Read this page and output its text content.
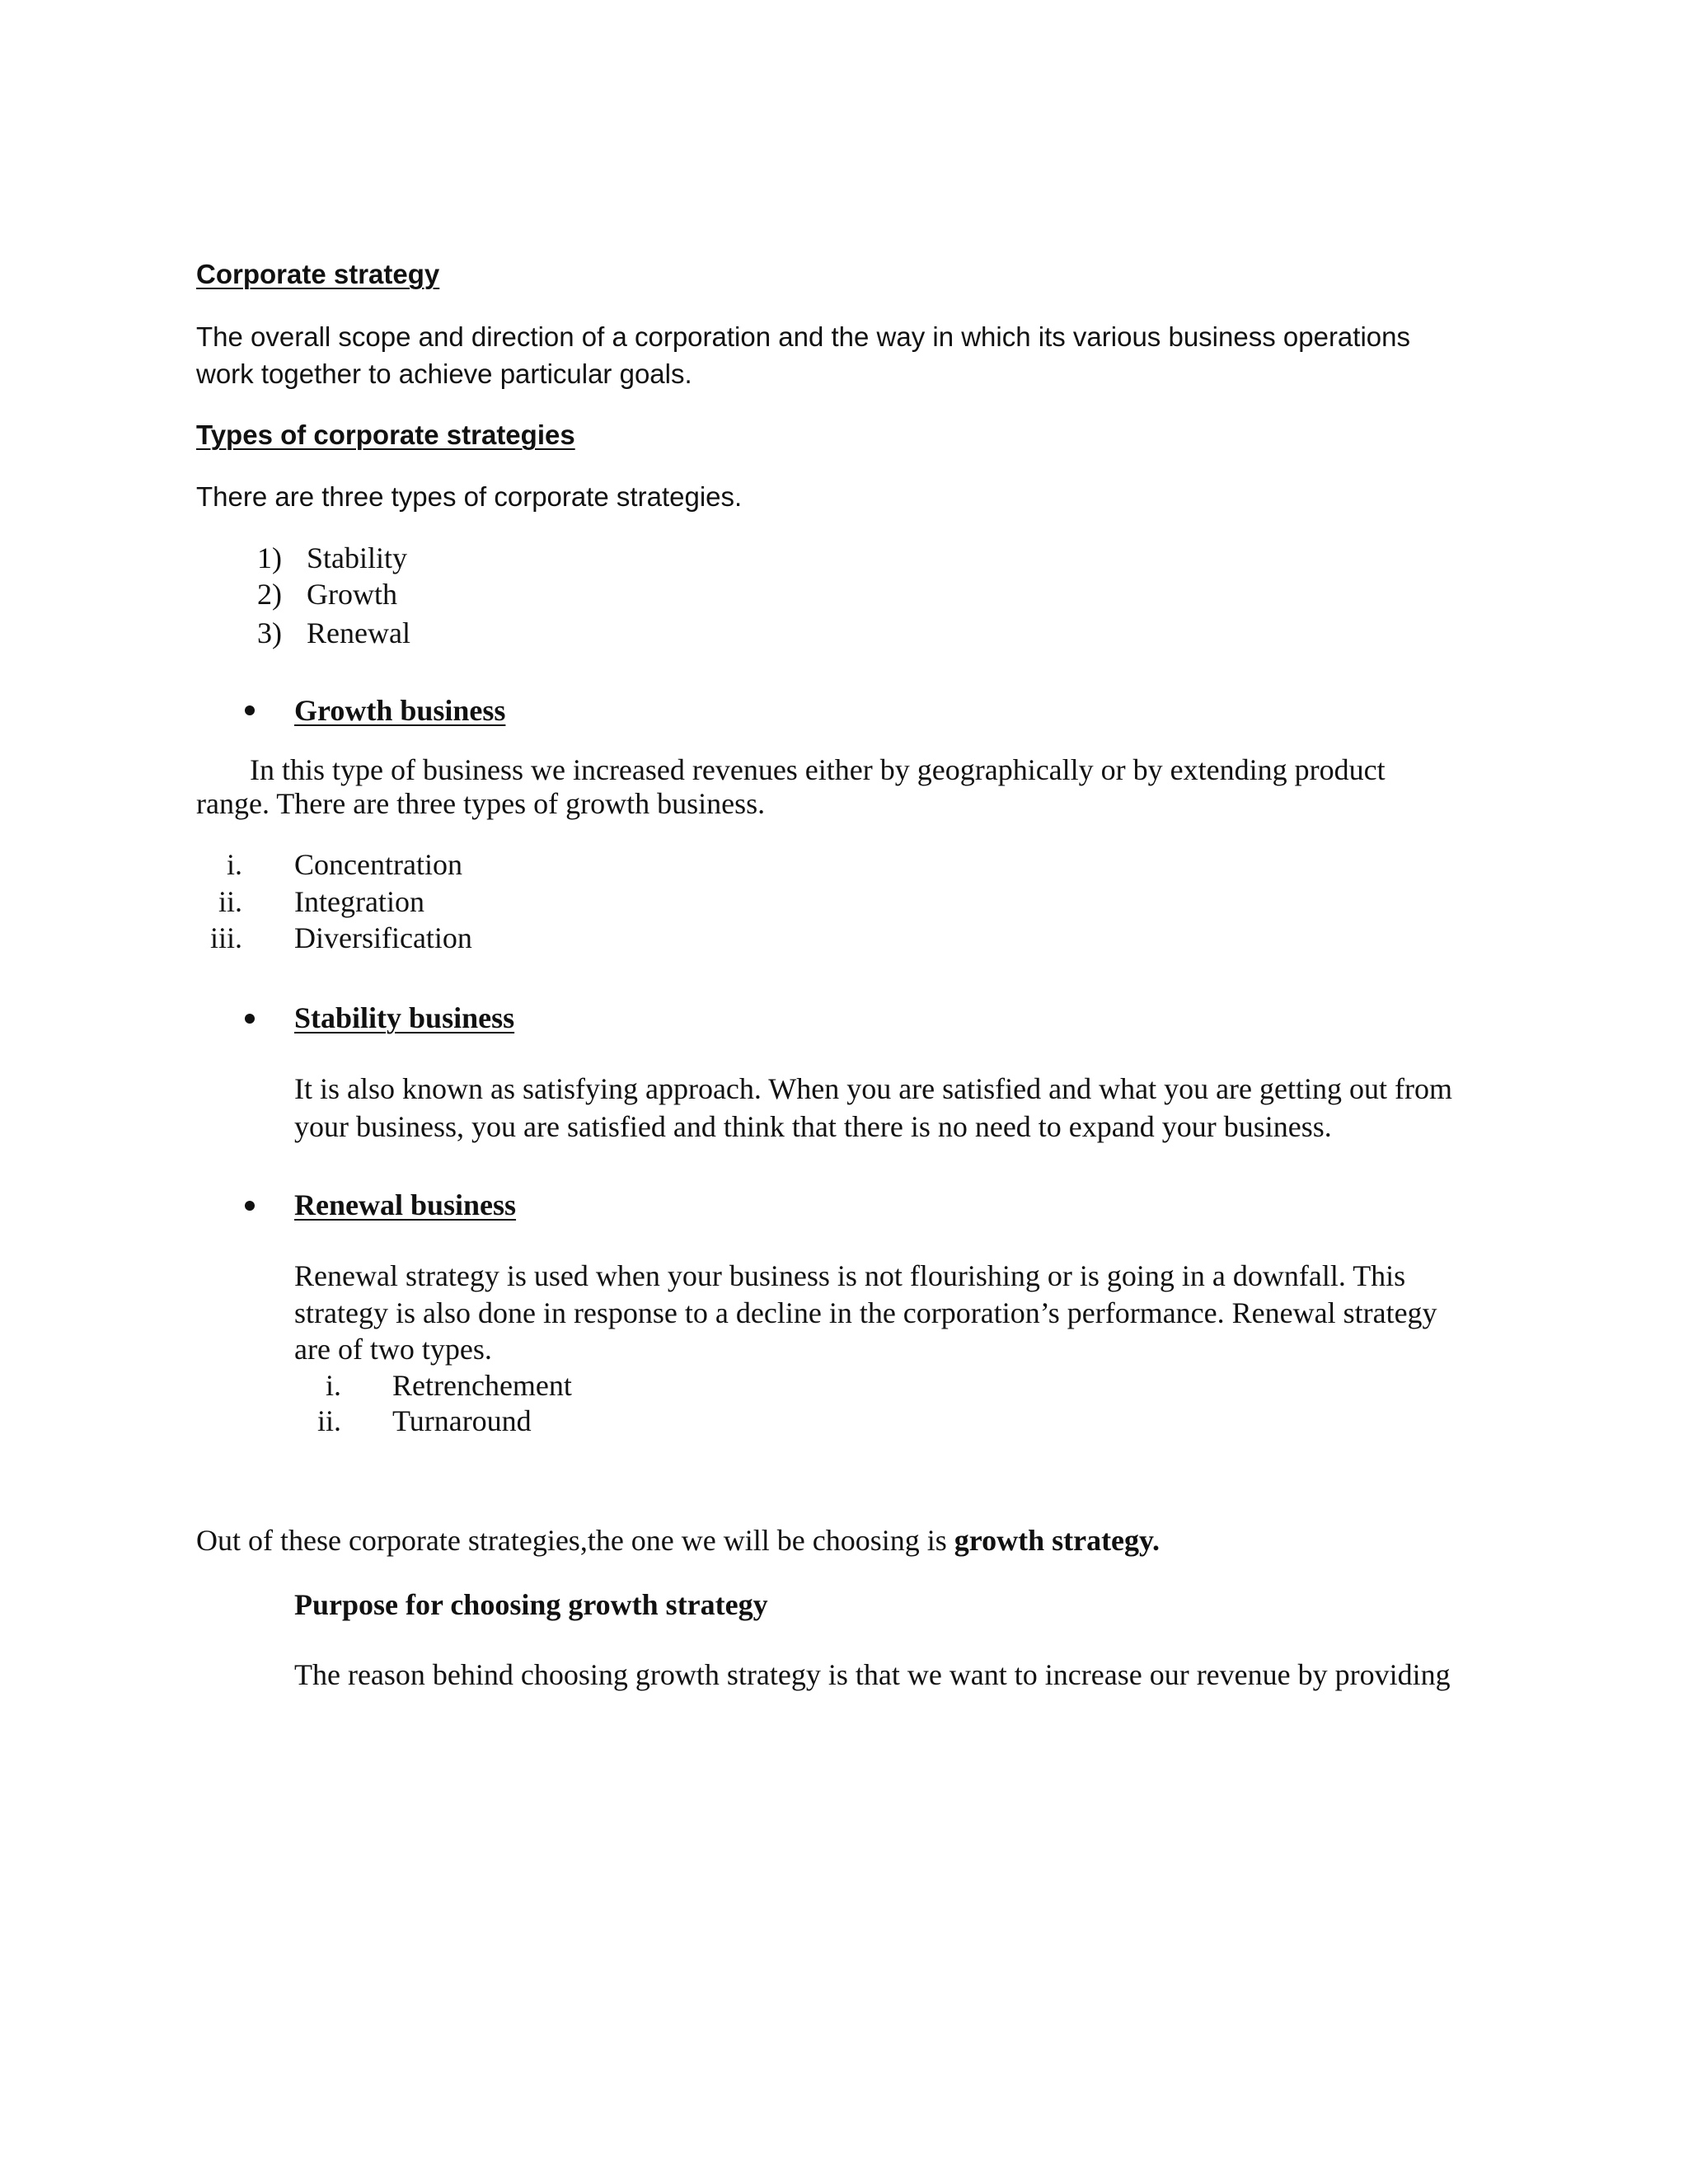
Corporate strategy
The overall scope and direction of a corporation and the way in which its various business operations
work together to achieve particular goals.
Types of corporate strategies
There are three types of corporate strategies.
1) Stability
2) Growth
3) Renewal
Growth business
In this type of business we increased revenues either by geographically or by extending product
range. There are three types of growth business.
i. Concentration
ii. Integration
iii. Diversification
Stability business
It is also known as satisfying approach. When you are satisfied and what you are getting out from
your business, you are satisfied and think that there is no need to expand your business.
Renewal business
Renewal strategy is used when your business is not flourishing or is going in a downfall. This
strategy is also done in response to a decline in the corporation’s performance. Renewal strategy
are of two types.
i. Retrenchement
ii. Turnaround
Out of these corporate strategies,the one we will be choosing is growth strategy.
Purpose for choosing growth strategy
The reason behind choosing growth strategy is that we want to increase our revenue by providing
